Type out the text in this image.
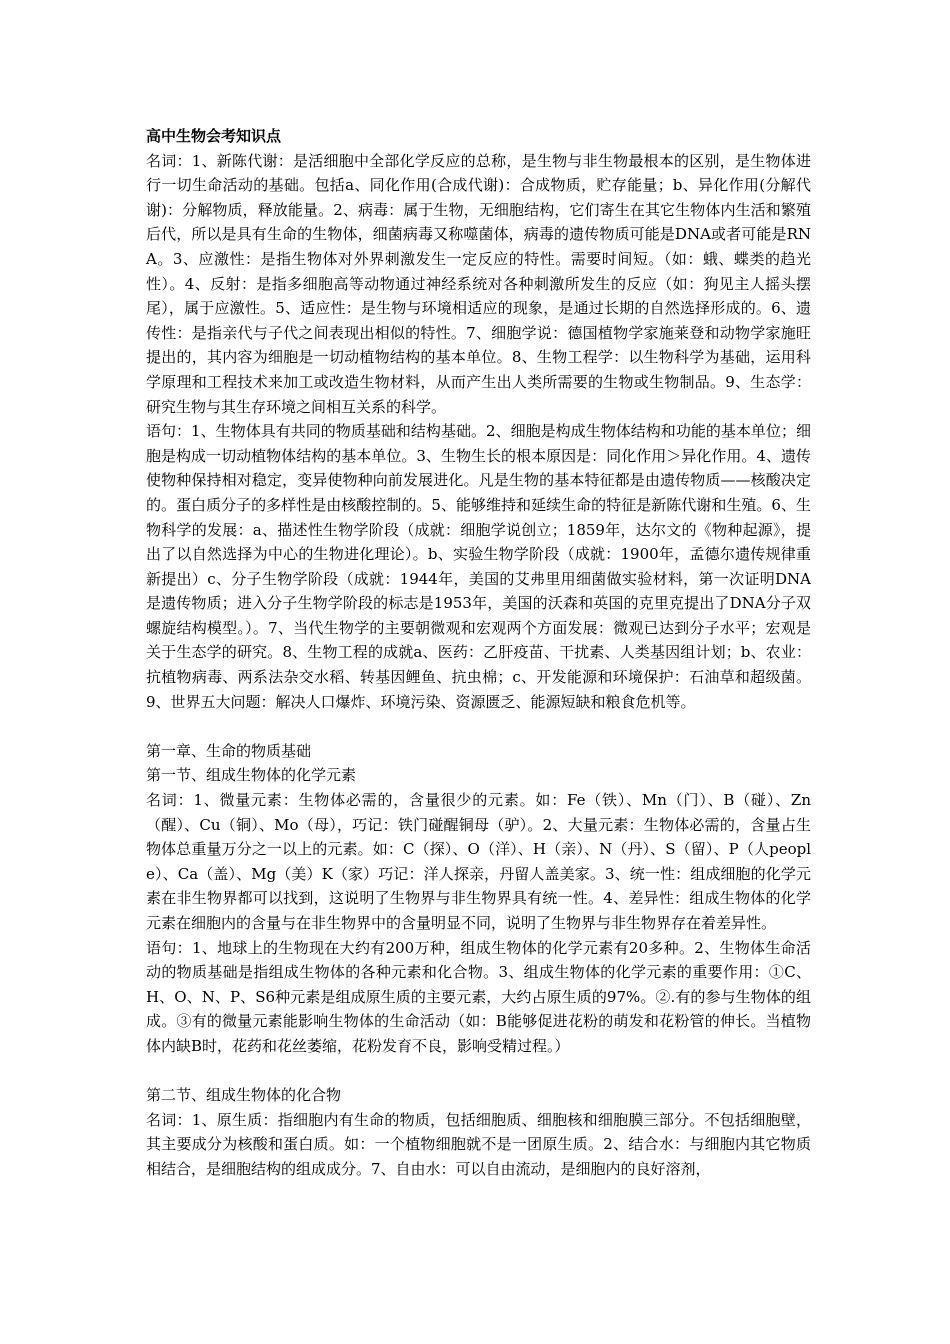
高中生物会考知识点

名词：1、新陈代谢：是活细胞中全部化学反应的总称，是生物与非生物最根本的区别，是生物体进行一切生命活动的基础。包括a、同化作用(合成代谢)：合成物质，贮存能量；b、异化作用(分解代谢)：分解物质，释放能量。2、病毒：属于生物，无细胞结构，它们寄生在其它生物体内生活和繁殖后代，所以是具有生命的生物体，细菌病毒又称噬菌体，病毒的遗传物质可能是DNA或者可能是RNA。3、应激性：是指生物体对外界刺激发生一定反应的特性。需要时间短。（如：蛾、蝶类的趋光性）。4、反射：是指多细胞高等动物通过神经系统对各种刺激所发生的反应（如：狗见主人摇头摆尾），属于应激性。5、适应性：是生物与环境相适应的现象，是通过长期的自然选择形成的。6、遗传性：是指亲代与子代之间表现出相似的特性。7、细胞学说：德国植物学家施莱登和动物学家施旺提出的，其内容为细胞是一切动植物结构的基本单位。8、生物工程学：以生物科学为基础，运用科学原理和工程技术来加工或改造生物材料，从而产生出人类所需要的生物或生物制品。9、生态学：研究生物与其生存环境之间相互关系的科学。

语句：1、生物体具有共同的物质基础和结构基础。2、细胞是构成生物体结构和功能的基本单位；细胞是构成一切动植物体结构的基本单位。3、生物生长的根本原因是：同化作用＞异化作用。4、遗传使物种保持相对稳定，变异使物种向前发展进化。凡是生物的基本特征都是由遗传物质——核酸决定的。蛋白质分子的多样性是由核酸控制的。5、能够维持和延续生命的特征是新陈代谢和生殖。6、生物科学的发展：a、描述性生物学阶段（成就：细胞学说创立；1859年，达尔文的《物种起源》，提出了以自然选择为中心的生物进化理论）。b、实验生物学阶段（成就：1900年，孟德尔遗传规律重新提出）c、分子生物学阶段（成就：1944年，美国的艾弗里用细菌做实验材料，第一次证明DNA是遗传物质；进入分子生物学阶段的标志是1953年，美国的沃森和英国的克里克提出了DNA分子双螺旋结构模型。）。7、当代生物学的主要朝微观和宏观两个方面发展：微观已达到分子水平；宏观是关于生态学的研究。8、生物工程的成就a、医药：乙肝疫苗、干扰素、人类基因组计划；b、农业：抗植物病毒、两系法杂交水稻、转基因鲤鱼、抗虫棉；c、开发能源和环境保护：石油草和超级菌。9、世界五大问题：解决人口爆炸、环境污染、资源匮乏、能源短缺和粮食危机等。

第一章、生命的物质基础

第一节、组成生物体的化学元素

名词：1、微量元素：生物体必需的，含量很少的元素。如：Fe（铁）、Mn（门）、B（碰）、Zn（醒）、Cu（铜）、Mo（母），巧记：铁门碰醒铜母（驴）。2、大量元素：生物体必需的，含量占生物体总重量万分之一以上的元素。如：C（探）、O（洋）、H（亲）、N（丹）、S（留）、P（人people）、Ca（盖）、Mg（美）K（家）巧记：洋人探亲，丹留人盖美家。3、统一性：组成细胞的化学元素在非生物界都可以找到，这说明了生物界与非生物界具有统一性。4、差异性：组成生物体的化学元素在细胞内的含量与在非生物界中的含量明显不同，说明了生物界与非生物界存在着差异性。

语句：1、地球上的生物现在大约有200万种，组成生物体的化学元素有20多种。2、生物体生命活动的物质基础是指组成生物体的各种元素和化合物。3、组成生物体的化学元素的重要作用：①C、H、O、N、P、S6种元素是组成原生质的主要元素，大约占原生质的97%。②.有的参与生物体的组成。③有的微量元素能影响生物体的生命活动（如：B能够促进花粉的萌发和花粉管的伸长。当植物体内缺B时，花药和花丝萎缩，花粉发育不良，影响受精过程。）

第二节、组成生物体的化合物

名词：1、原生质：指细胞内有生命的物质，包括细胞质、细胞核和细胞膜三部分。不包括细胞壁，其主要成分为核酸和蛋白质。如：一个植物细胞就不是一团原生质。2、结合水：与细胞内其它物质相结合，是细胞结构的组成成分。7、自由水：可以自由流动，是细胞内的良好溶剂，
